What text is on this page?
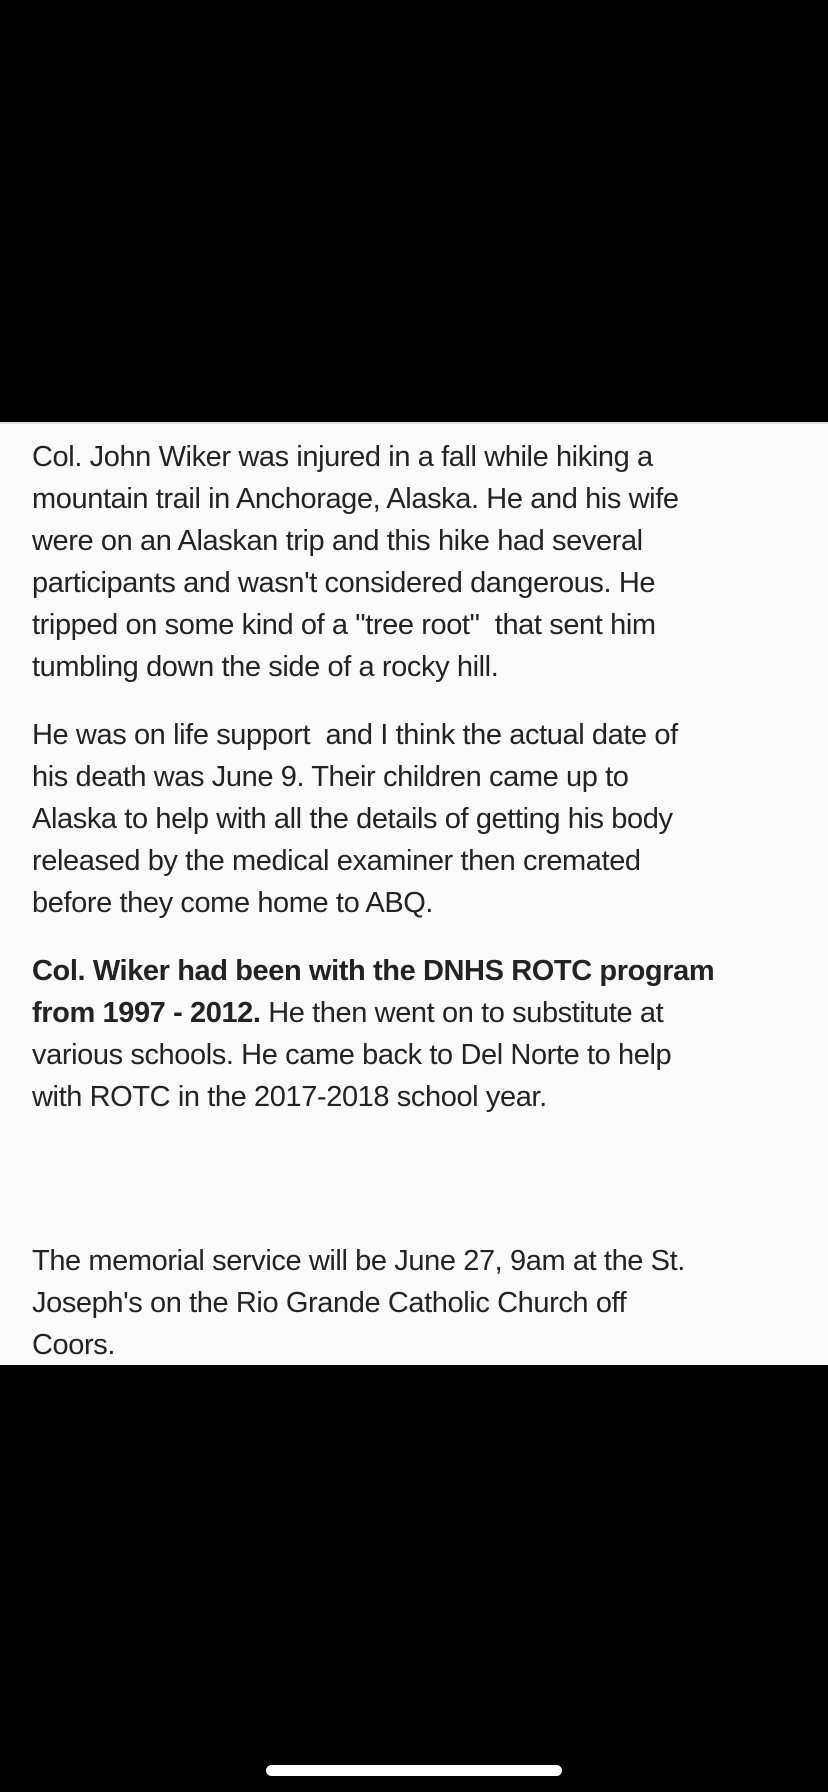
Col. John Wiker was injured in a fall while hiking a
mountain trail in Anchorage, Alaska. He and his wife
were on an Alaskan trip and this hike had several
participants and wasn't considered dangerous. He
tripped on some kind of a "tree root"  that sent him
tumbling down the side of a rocky hill.
He was on life support  and I think the actual date of
his death was June 9. Their children came up to
Alaska to help with all the details of getting his body
released by the medical examiner then cremated
before they come home to ABQ.
Col. Wiker had been with the DNHS ROTC program
from 1997 - 2012. He then went on to substitute at
various schools. He came back to Del Norte to help
with ROTC in the 2017-2018 school year.
The memorial service will be June 27, 9am at the St.
Joseph's on the Rio Grande Catholic Church off
Coors.
